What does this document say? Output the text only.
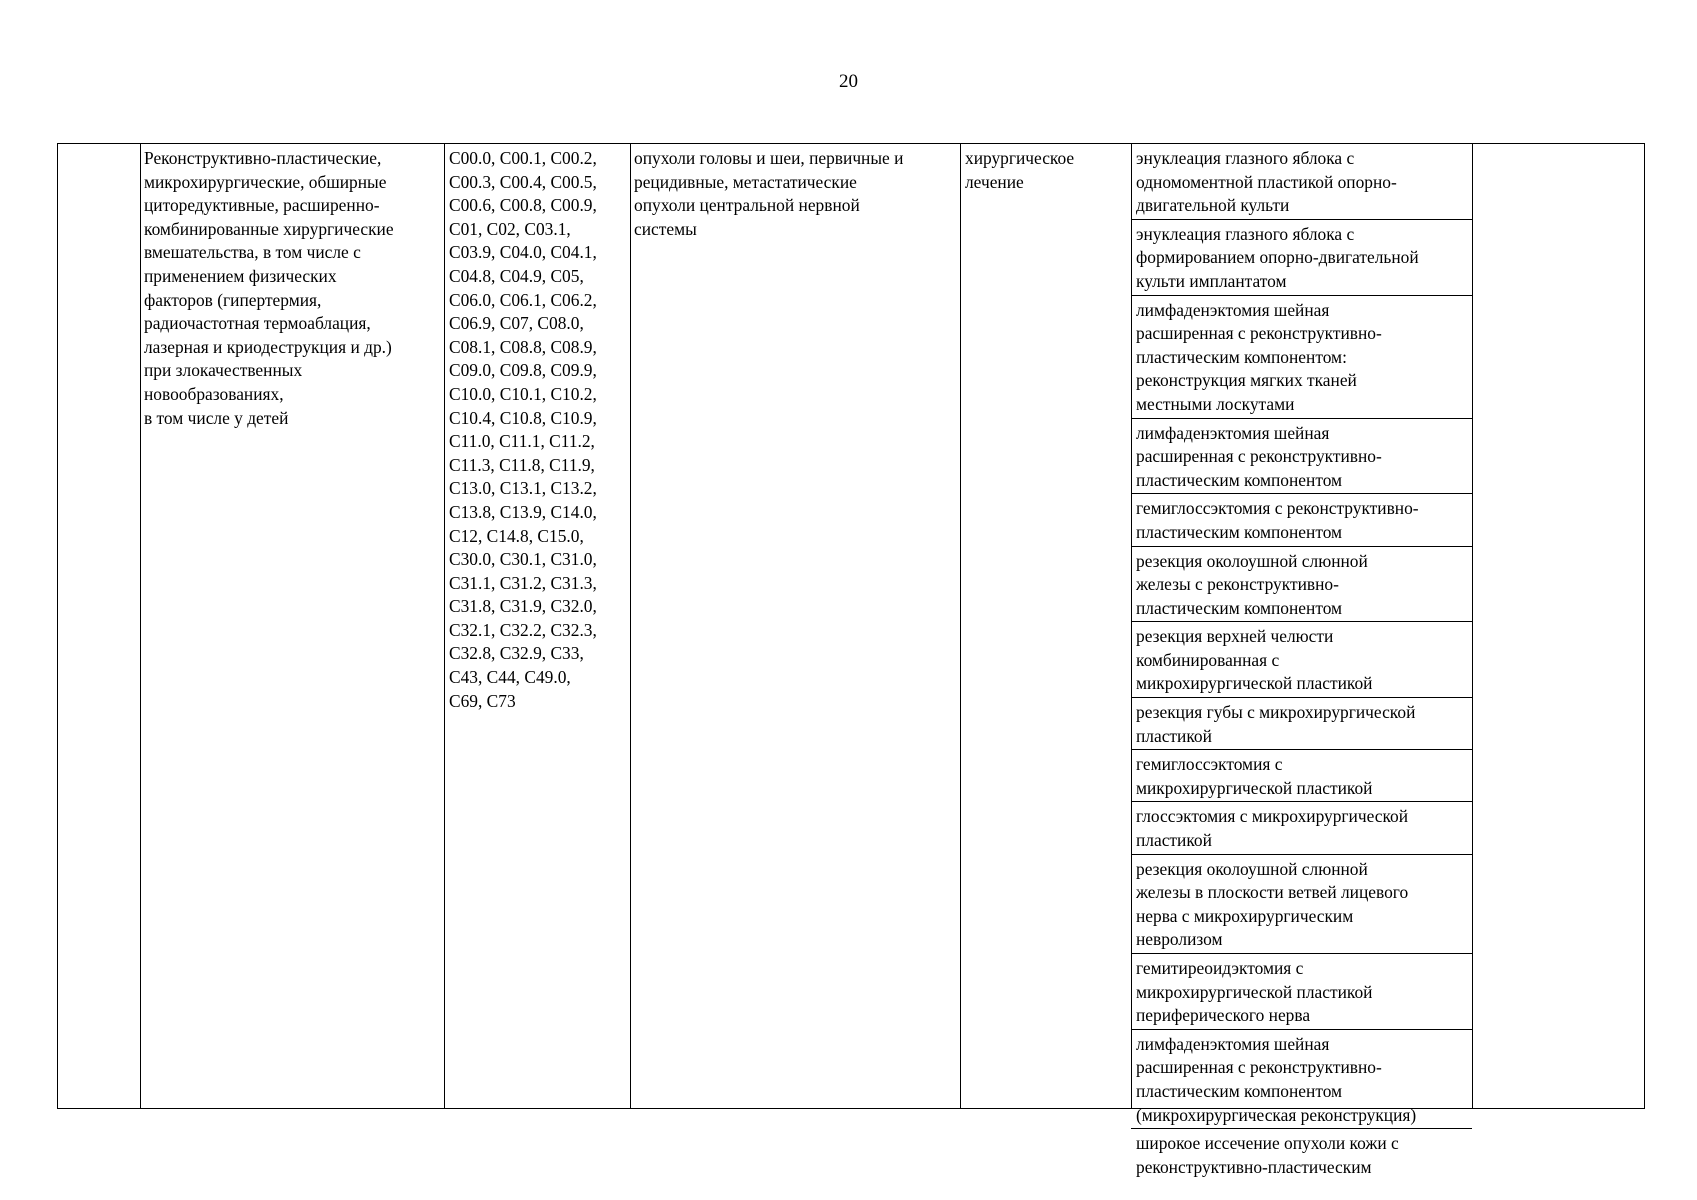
20
Реконструктивно-пластические,
микрохирургические, обширные
циторедуктивные, расширенно-
комбинированные хирургические
вмешательства, в том числе с
применением физических
факторов (гипертермия,
радиочастотная термоаблация,
лазерная и криодеструкция и др.)
при злокачественных
новообразованиях,
в том числе у детей
C00.0, C00.1, C00.2,
C00.3, C00.4, C00.5,
C00.6, C00.8, C00.9,
C01, C02, C03.1,
C03.9, C04.0, C04.1,
C04.8, C04.9, C05,
C06.0, C06.1, C06.2,
C06.9, C07, C08.0,
C08.1, C08.8, C08.9,
C09.0, C09.8, C09.9,
C10.0, C10.1, C10.2,
C10.4, C10.8, C10.9,
C11.0, C11.1, C11.2,
C11.3, C11.8, C11.9,
C13.0, C13.1, C13.2,
C13.8, C13.9, C14.0,
C12, C14.8, C15.0,
C30.0, C30.1, C31.0,
C31.1, C31.2, C31.3,
C31.8, C31.9, C32.0,
C32.1, C32.2, C32.3,
C32.8, C32.9, C33,
C43, C44, C49.0,
C69, C73
опухоли головы и шеи, первичные и
рецидивные, метастатические
опухоли центральной нервной
системы
хирургическое
лечение
энуклеация глазного яблока с
одномоментной пластикой опорно-
двигательной культи
энуклеация глазного яблока с
формированием опорно-двигательной
культи имплантатом
лимфаденэктомия шейная
расширенная с реконструктивно-
пластическим компонентом:
реконструкция мягких тканей
местными лоскутами
лимфаденэктомия шейная
расширенная с реконструктивно-
пластическим компонентом
гемиглоссэктомия с реконструктивно-
пластическим компонентом
резекция околоушной слюнной
железы с реконструктивно-
пластическим компонентом
резекция верхней челюсти
комбинированная с
микрохирургической пластикой
резекция губы с микрохирургической
пластикой
гемиглоссэктомия с
микрохирургической пластикой
глоссэктомия с микрохирургической
пластикой
резекция околоушной слюнной
железы в плоскости ветвей лицевого
нерва с микрохирургическим
невролизом
гемитиреоидэктомия с
микрохирургической пластикой
периферического нерва
лимфаденэктомия шейная
расширенная с реконструктивно-
пластическим компонентом
(микрохирургическая реконструкция)
широкое иссечение опухоли кожи с
реконструктивно-пластическим
